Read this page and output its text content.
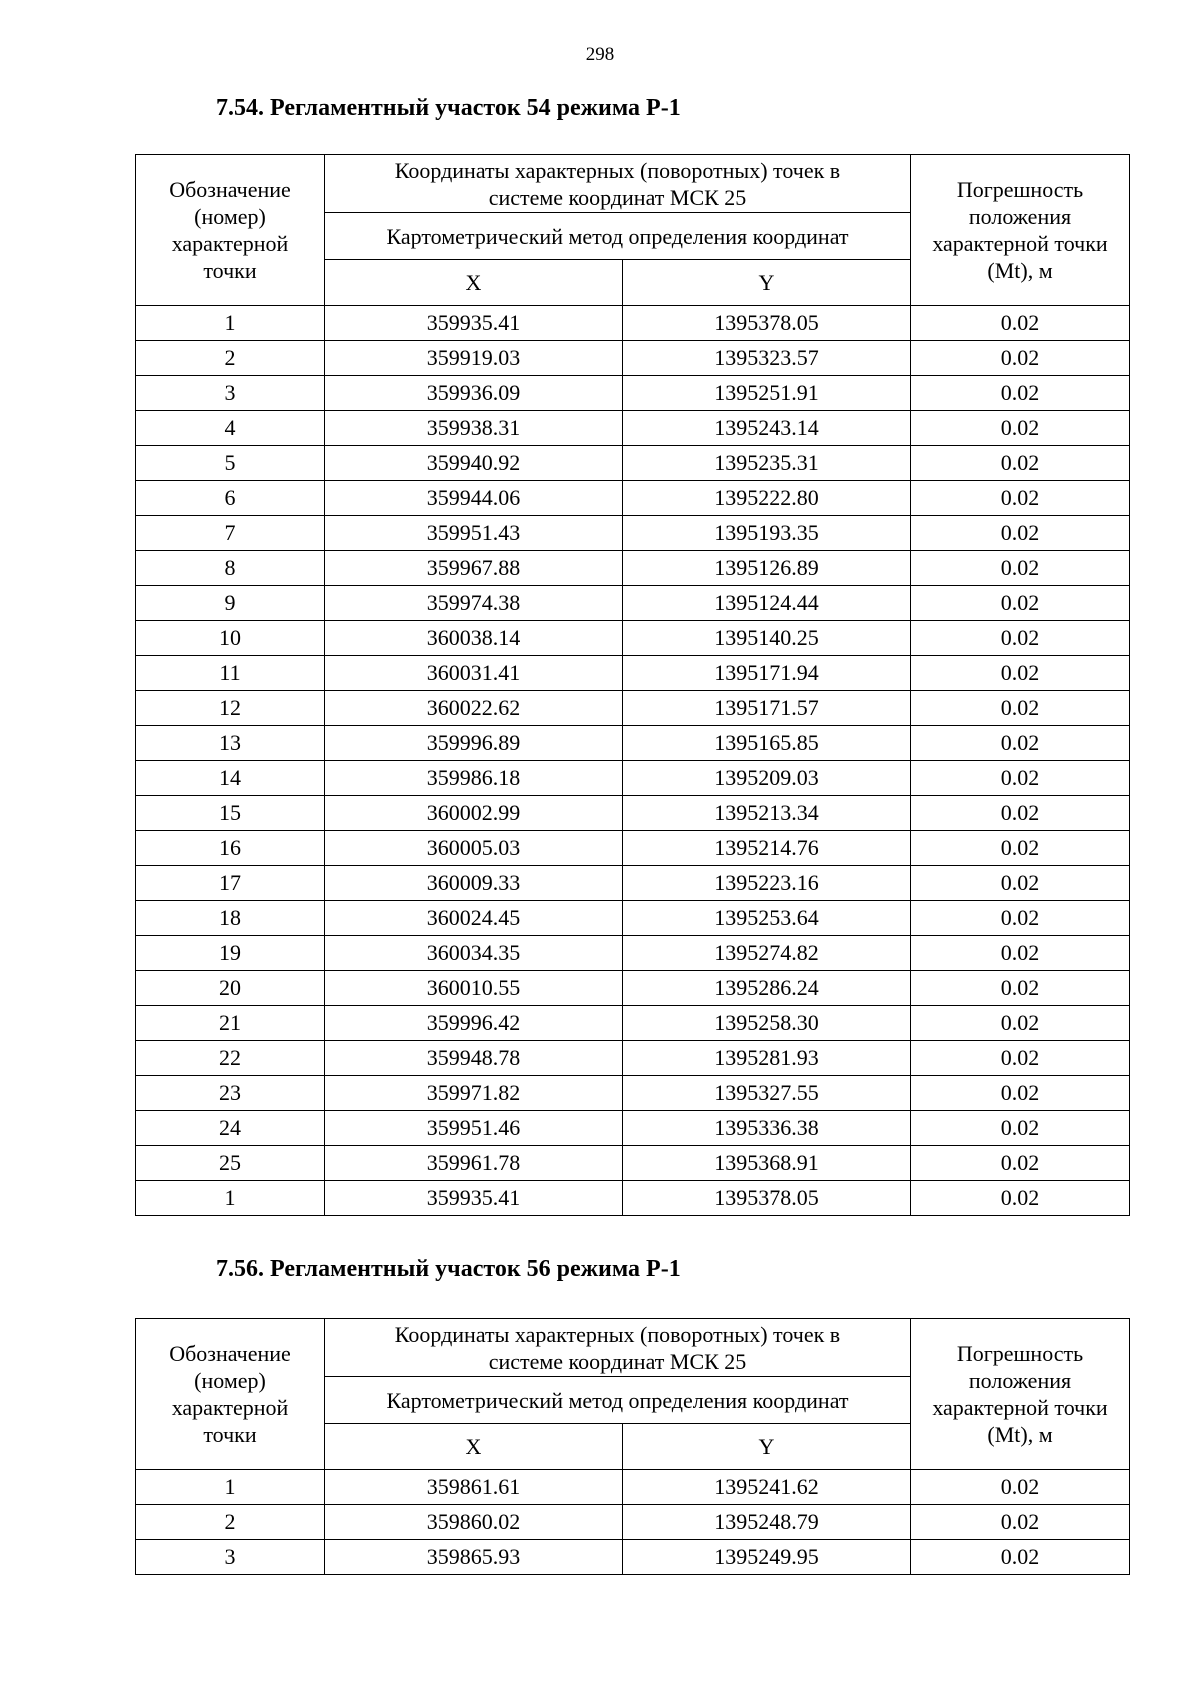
298
7.54. Регламентный участок 54 режима Р-1
Обозначение (номер) характерной точки	Координаты характерных (поворотных) точек в системе координат МСК 25		Погрешность положения характерной точки (Mt), м

	Картометрический метод определения координат		
	X	Y	
1	359935.41	1395378.05	0.02
2	359919.03	1395323.57	0.02
3	359936.09	1395251.91	0.02
4	359938.31	1395243.14	0.02
5	359940.92	1395235.31	0.02
6	359944.06	1395222.80	0.02
7	359951.43	1395193.35	0.02
8	359967.88	1395126.89	0.02
9	359974.38	1395124.44	0.02
10	360038.14	1395140.25	0.02
11	360031.41	1395171.94	0.02
12	360022.62	1395171.57	0.02
13	359996.89	1395165.85	0.02
14	359986.18	1395209.03	0.02
15	360002.99	1395213.34	0.02
16	360005.03	1395214.76	0.02
17	360009.33	1395223.16	0.02
18	360024.45	1395253.64	0.02
19	360034.35	1395274.82	0.02
20	360010.55	1395286.24	0.02
21	359996.42	1395258.30	0.02
22	359948.78	1395281.93	0.02
23	359971.82	1395327.55	0.02
24	359951.46	1395336.38	0.02
25	359961.78	1395368.91	0.02
1	359935.41	1395378.05	0.02
7.56. Регламентный участок 56 режима Р-1
Обозначение (номер) характерной точки	Координаты характерных (поворотных) точек в системе координат МСК 25		Погрешность положения характерной точки (Mt), м

	Картометрический метод определения координат		
	X	Y	
1	359861.61	1395241.62	0.02
2	359860.02	1395248.79	0.02
3	359865.93	1395249.95	0.02
